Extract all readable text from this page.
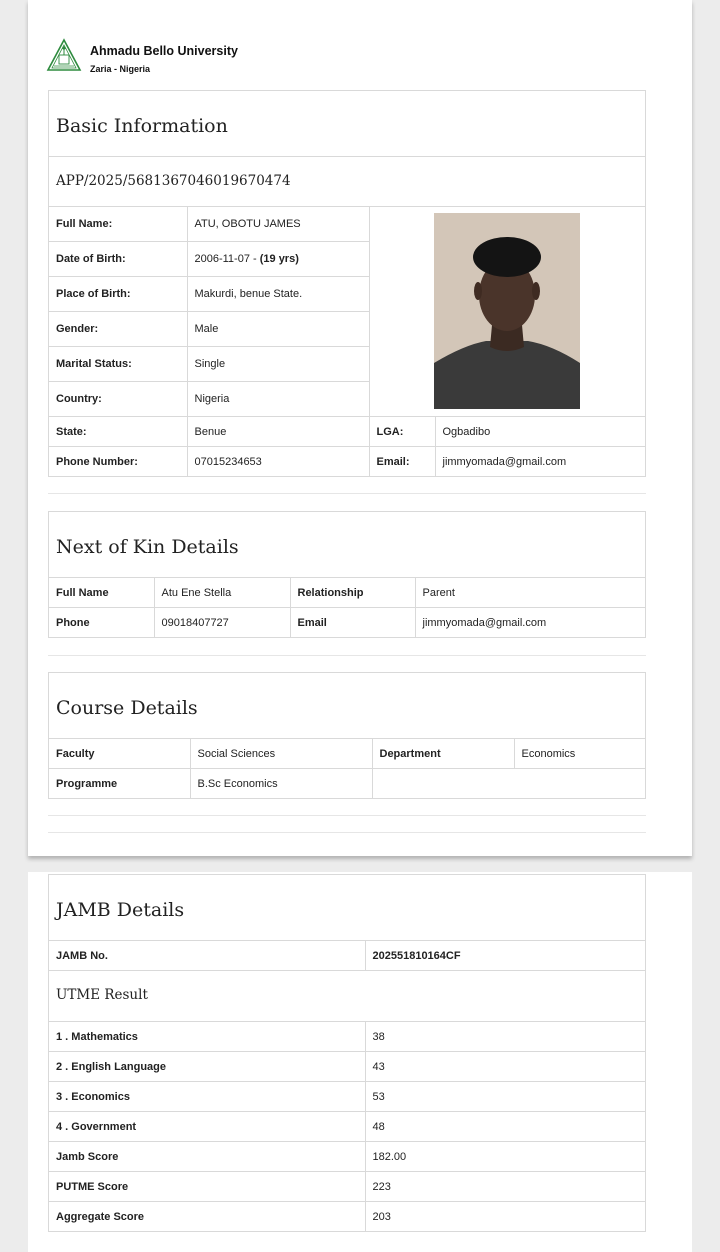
Ahmadu Bello University
Zaria - Nigeria
Basic Information
APP/2025/5681367046019670474
Full Name:	ATU, OBOTU JAMES	

Date of Birth:	2006-11-07 - (19 yrs)		
Place of Birth:	Makurdi, benue State.		
Gender:	Male		
Marital Status:	Single		
Country:	Nigeria		
State:	Benue	LGA:	Ogbadibo
Phone Number:	07015234653	Email:	jimmyomada@gmail.com
Next of Kin Details
Full Name	Atu Ene Stella	Relationship	Parent
Phone	09018407727	Email	jimmyomada@gmail.com
Course Details
Faculty	Social Sciences	Department	Economics
Programme	B.Sc Economics		
JAMB Details
JAMB No.	202551810164CF
UTME Result
1 . Mathematics	38
2 . English Language	43
3 . Economics	53
4 . Government	48
Jamb Score	182.00
PUTME Score	223
Aggregate Score	203
